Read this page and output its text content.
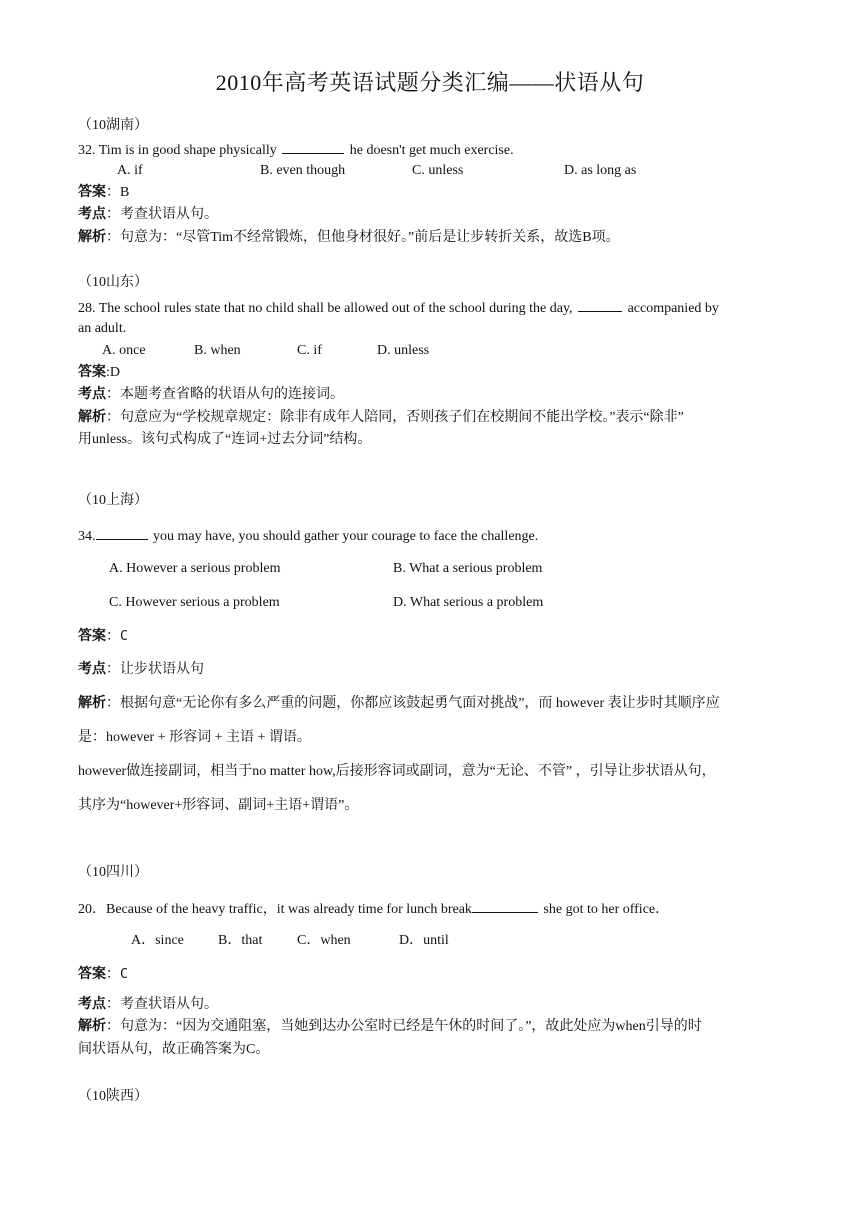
2010年高考英语试题分类汇编——状语从句
（10湖南）
32. Tim is in good shape physically	he doesn't get much exercise.
A. if	B. even though	C. unless	D. as long as
答案：B
考点：考查状语从句。
解析：句意为：“尽管Tim不经常锻炼，但他身材很好。”前后是让步转折关系，故选B项。
（10山东）
28. The school rules state that no child shall be allowed out of the school during the day,	accompanied by
an adult.
A. once	B. when	C. if	D. unless
答案:D
考点：本题考查省略的状语从句的连接词。
解析：句意应为“学校规章规定：除非有成年人陪同，否则孩子们在校期间不能出学校。”表示“除非”
用unless。该句式构成了“连词+过去分词”结构。
（10上海）
34.	you may have, you should gather your courage to face the challenge.
A. However a serious problem	B. What a serious problem
C. However serious a problem	D. What serious a problem
答案：C
考点：让步状语从句
解析：根据句意“无论你有多么严重的问题，你都应该鼓起勇气面对挑战”，而 however 表让步时其顺序应
是：however + 形容词 + 主语 + 谓语。
however做连接副词，相当于no matter how,后接形容词或副词，意为“无论、不管” ，引导让步状语从句，
其序为“however+形容词、副词+主语+谓语”。
（10四川）
20．Because of the heavy traffic，it was already time for lunch break	she got to her office．
A．since B．that C．when	D．until
答案：C
考点：考查状语从句。
解析：句意为：“因为交通阻塞，当她到达办公室时已经是午休的时间了。”，故此处应为when引导的时
间状语从句，故正确答案为C。
（10陕西）
